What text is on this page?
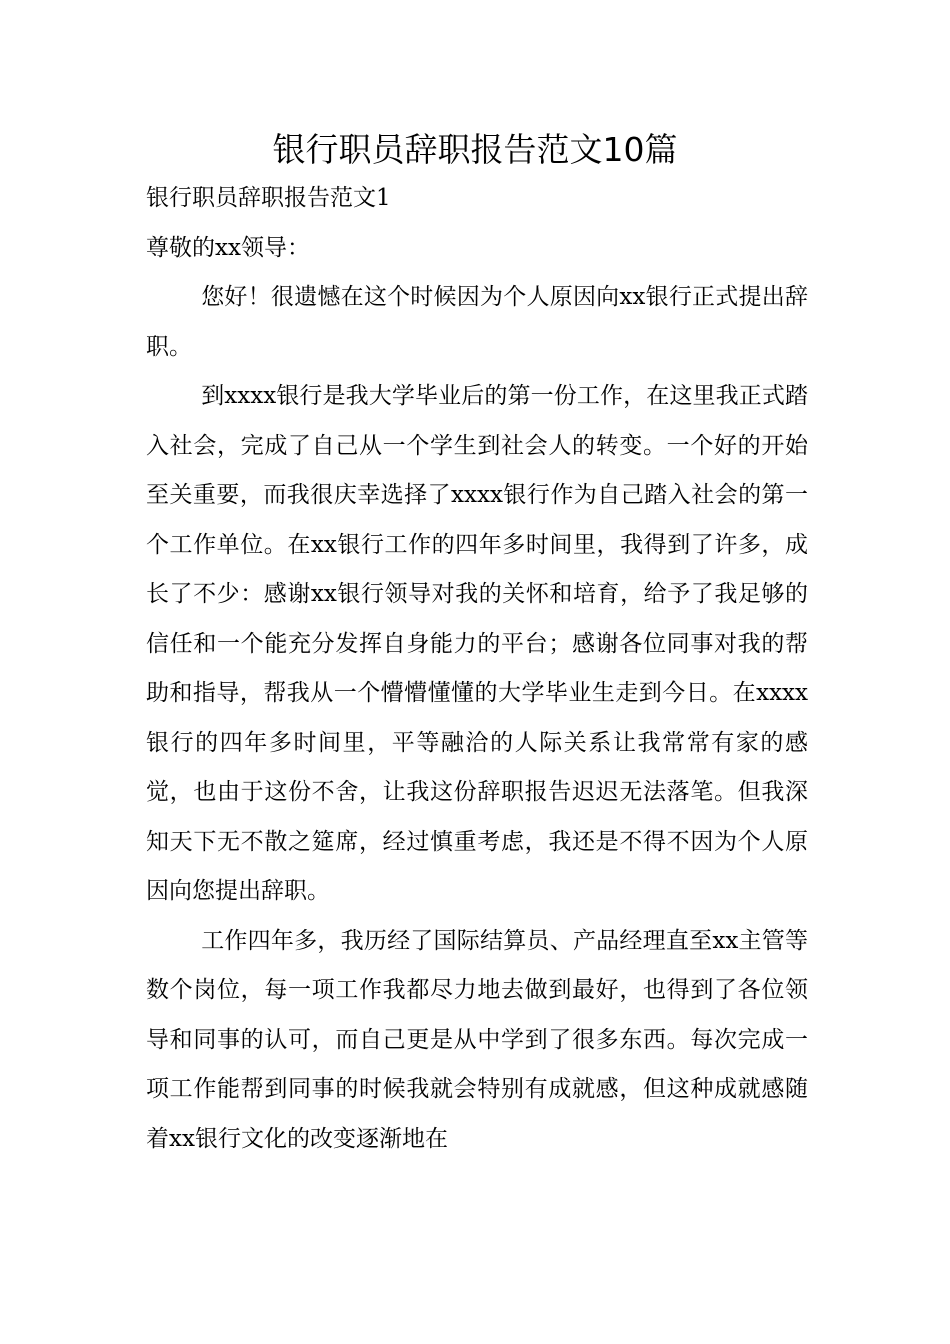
银行职员辞职报告范文10篇

银行职员辞职报告范文1

尊敬的xx领导：

您好！很遗憾在这个时候因为个人原因向xx银行正式提出辞职。

到xxxx银行是我大学毕业后的第一份工作，在这里我正式踏入社会，完成了自己从一个学生到社会人的转变。一个好的开始至关重要，而我很庆幸选择了xxxx银行作为自己踏入社会的第一个工作单位。在xx银行工作的四年多时间里，我得到了许多，成长了不少：感谢xx银行领导对我的关怀和培育，给予了我足够的信任和一个能充分发挥自身能力的平台；感谢各位同事对我的帮助和指导，帮我从一个懵懵懂懂的大学毕业生走到今日。在xxxx银行的四年多时间里，平等融洽的人际关系让我常常有家的感觉，也由于这份不舍，让我这份辞职报告迟迟无法落笔。但我深知天下无不散之筵席，经过慎重考虑，我还是不得不因为个人原因向您提出辞职。

工作四年多，我历经了国际结算员、产品经理直至xx主管等数个岗位，每一项工作我都尽力地去做到最好，也得到了各位领导和同事的认可，而自己更是从中学到了很多东西。每次完成一项工作能帮到同事的时候我就会特别有成就感，但这种成就感随着xx银行文化的改变逐渐地在
